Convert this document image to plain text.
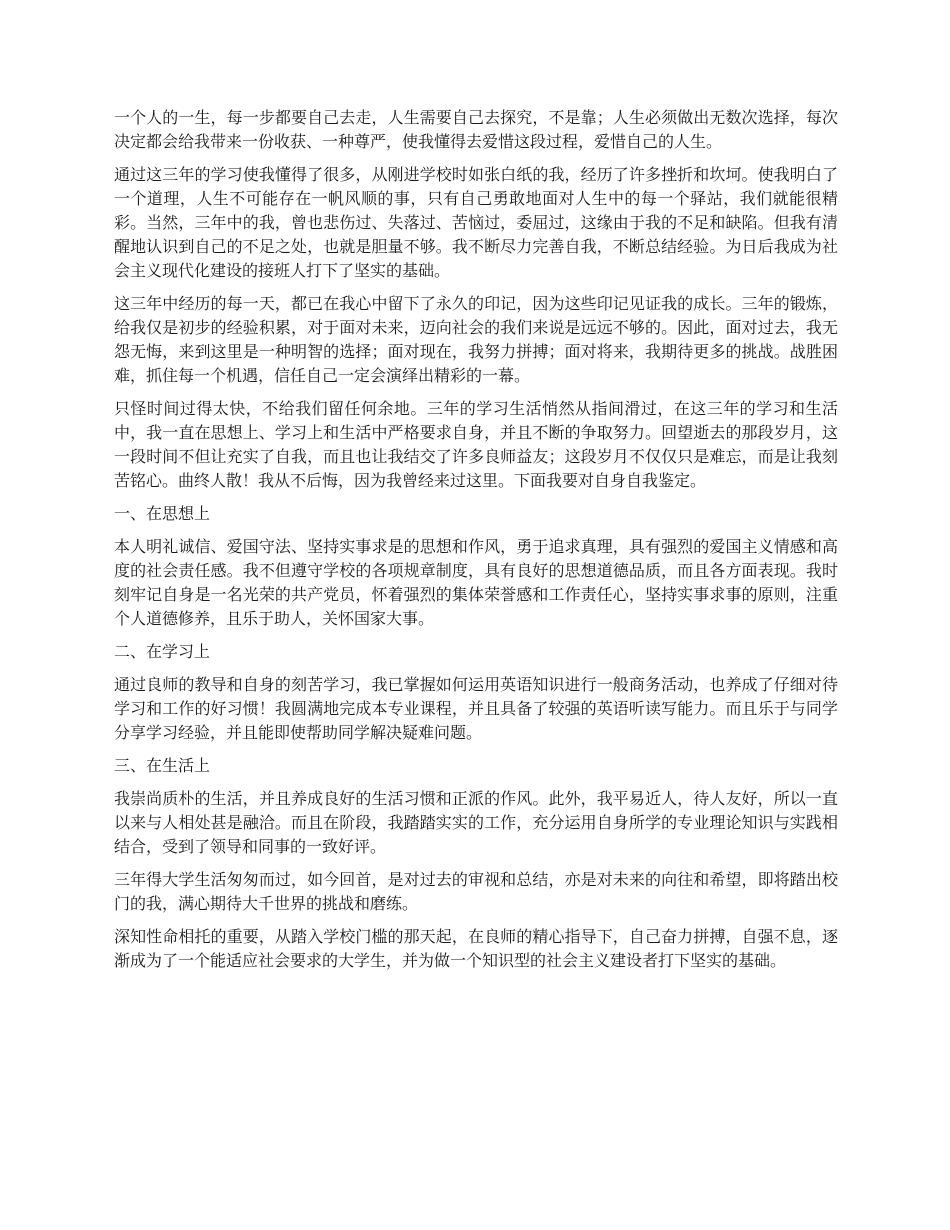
一个人的一生，每一步都要自己去走，人生需要自己去探究，不是靠；人生必须做出无数次选择，每次决定都会给我带来一份收获、一种尊严，使我懂得去爱惜这段过程，爱惜自己的人生。

通过这三年的学习使我懂得了很多，从刚进学校时如张白纸的我，经历了许多挫折和坎坷。使我明白了一个道理，人生不可能存在一帆风顺的事，只有自己勇敢地面对人生中的每一个驿站，我们就能很精彩。当然，三年中的我，曾也悲伤过、失落过、苦恼过，委屈过，这缘由于我的不足和缺陷。但我有清醒地认识到自己的不足之处，也就是胆量不够。我不断尽力完善自我，不断总结经验。为日后我成为社会主义现代化建设的接班人打下了坚实的基础。

这三年中经历的每一天，都已在我心中留下了永久的印记，因为这些印记见证我的成长。三年的锻炼，给我仅是初步的经验积累，对于面对未来，迈向社会的我们来说是远远不够的。因此，面对过去，我无怨无悔，来到这里是一种明智的选择；面对现在，我努力拼搏；面对将来，我期待更多的挑战。战胜困难，抓住每一个机遇，信任自己一定会演绎出精彩的一幕。

只怪时间过得太快，不给我们留任何余地。三年的学习生活悄然从指间滑过，在这三年的学习和生活中，我一直在思想上、学习上和生活中严格要求自身，并且不断的争取努力。回望逝去的那段岁月，这一段时间不但让充实了自我，而且也让我结交了许多良师益友；这段岁月不仅仅只是难忘，而是让我刻苦铭心。曲终人散！我从不后悔，因为我曾经来过这里。下面我要对自身自我鉴定。

一、在思想上

本人明礼诚信、爱国守法、坚持实事求是的思想和作风，勇于追求真理，具有强烈的爱国主义情感和高度的社会责任感。我不但遵守学校的各项规章制度，具有良好的思想道德品质，而且各方面表现。我时刻牢记自身是一名光荣的共产党员，怀着强烈的集体荣誉感和工作责任心，坚持实事求事的原则，注重个人道德修养，且乐于助人，关怀国家大事。

二、在学习上

通过良师的教导和自身的刻苦学习，我已掌握如何运用英语知识进行一般商务活动，也养成了仔细对待学习和工作的好习惯！我圆满地完成本专业课程，并且具备了较强的英语听读写能力。而且乐于与同学分享学习经验，并且能即使帮助同学解决疑难问题。

三、在生活上

我崇尚质朴的生活，并且养成良好的生活习惯和正派的作风。此外，我平易近人，待人友好，所以一直以来与人相处甚是融洽。而且在阶段，我踏踏实实的工作，充分运用自身所学的专业理论知识与实践相结合，受到了领导和同事的一致好评。

三年得大学生活匆匆而过，如今回首，是对过去的审视和总结，亦是对未来的向往和希望，即将踏出校门的我，满心期待大千世界的挑战和磨练。

深知性命相托的重要，从踏入学校门槛的那天起，在良师的精心指导下，自己奋力拼搏，自强不息，逐渐成为了一个能适应社会要求的大学生，并为做一个知识型的社会主义建设者打下坚实的基础。
